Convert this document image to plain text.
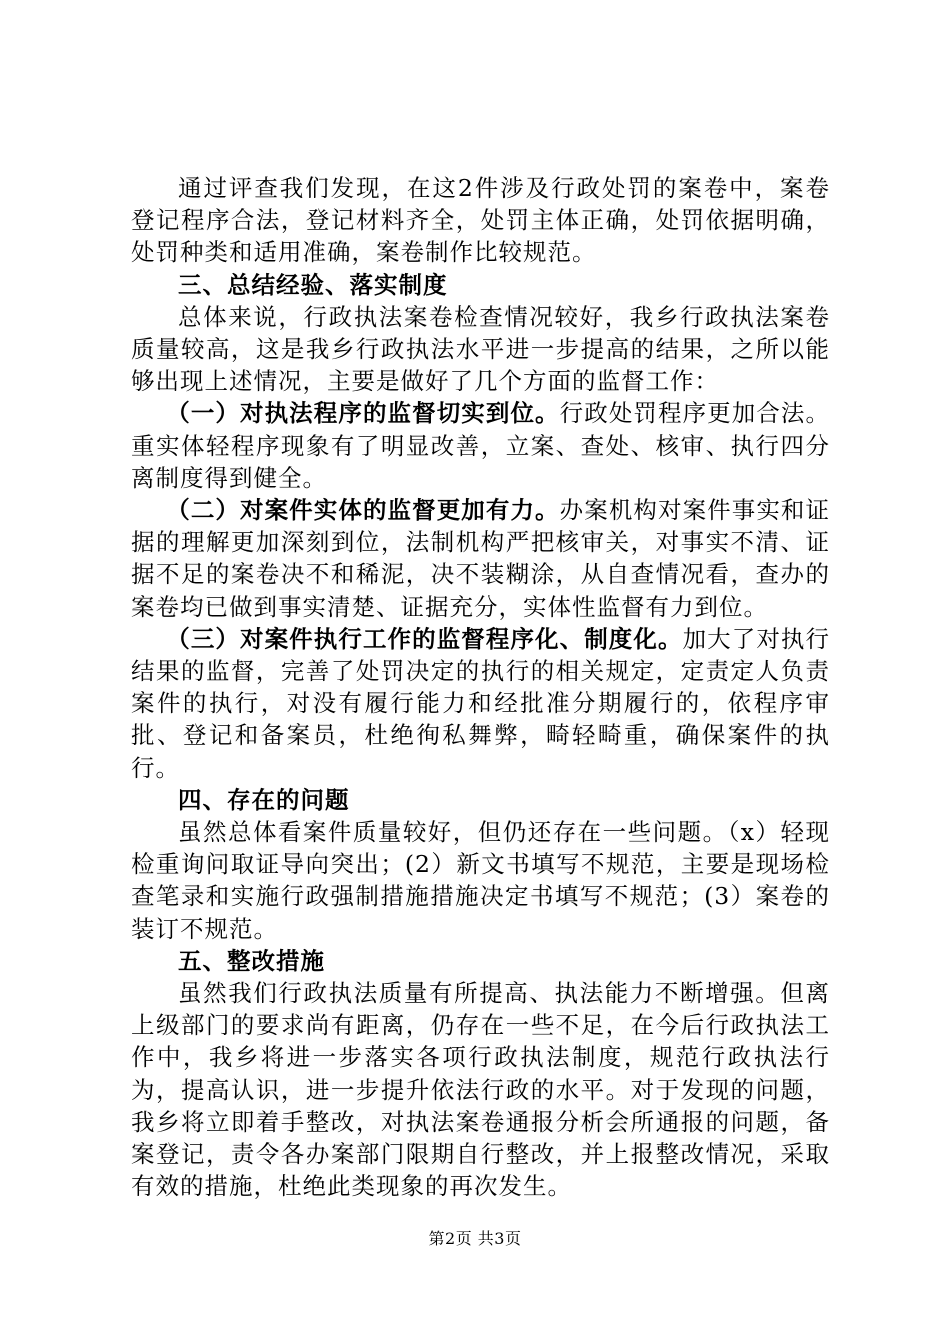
通过评查我们发现，在这2件涉及行政处罚的案卷中，案卷登记程序合法，登记材料齐全，处罚主体正确，处罚依据明确，处罚种类和适用准确，案卷制作比较规范。

三、总结经验、落实制度

总体来说，行政执法案卷检查情况较好，我乡行政执法案卷质量较高，这是我乡行政执法水平进一步提高的结果，之所以能够出现上述情况，主要是做好了几个方面的监督工作：

（一）对执法程序的监督切实到位。行政处罚程序更加合法。重实体轻程序现象有了明显改善，立案、查处、核审、执行四分离制度得到健全。

（二）对案件实体的监督更加有力。办案机构对案件事实和证据的理解更加深刻到位，法制机构严把核审关，对事实不清、证据不足的案卷决不和稀泥，决不装糊涂，从自查情况看，查办的案卷均已做到事实清楚、证据充分，实体性监督有力到位。

（三）对案件执行工作的监督程序化、制度化。加大了对执行结果的监督，完善了处罚决定的执行的相关规定，定责定人负责案件的执行，对没有履行能力和经批准分期履行的，依程序审批、登记和备案员，杜绝徇私舞弊，畸轻畸重，确保案件的执行。

四、存在的问题

虽然总体看案件质量较好，但仍还存在一些问题。（x）轻现检重询问取证导向突出；(2）新文书填写不规范，主要是现场检查笔录和实施行政强制措施措施决定书填写不规范；(3）案卷的装订不规范。

五、整改措施

虽然我们行政执法质量有所提高、执法能力不断增强。但离上级部门的要求尚有距离，仍存在一些不足，在今后行政执法工作中，我乡将进一步落实各项行政执法制度，规范行政执法行为，提高认识，进一步提升依法行政的水平。对于发现的问题，我乡将立即着手整改，对执法案卷通报分析会所通报的问题，备案登记，责令各办案部门限期自行整改，并上报整改情况，采取有效的措施，杜绝此类现象的再次发生。

第2页 共3页
